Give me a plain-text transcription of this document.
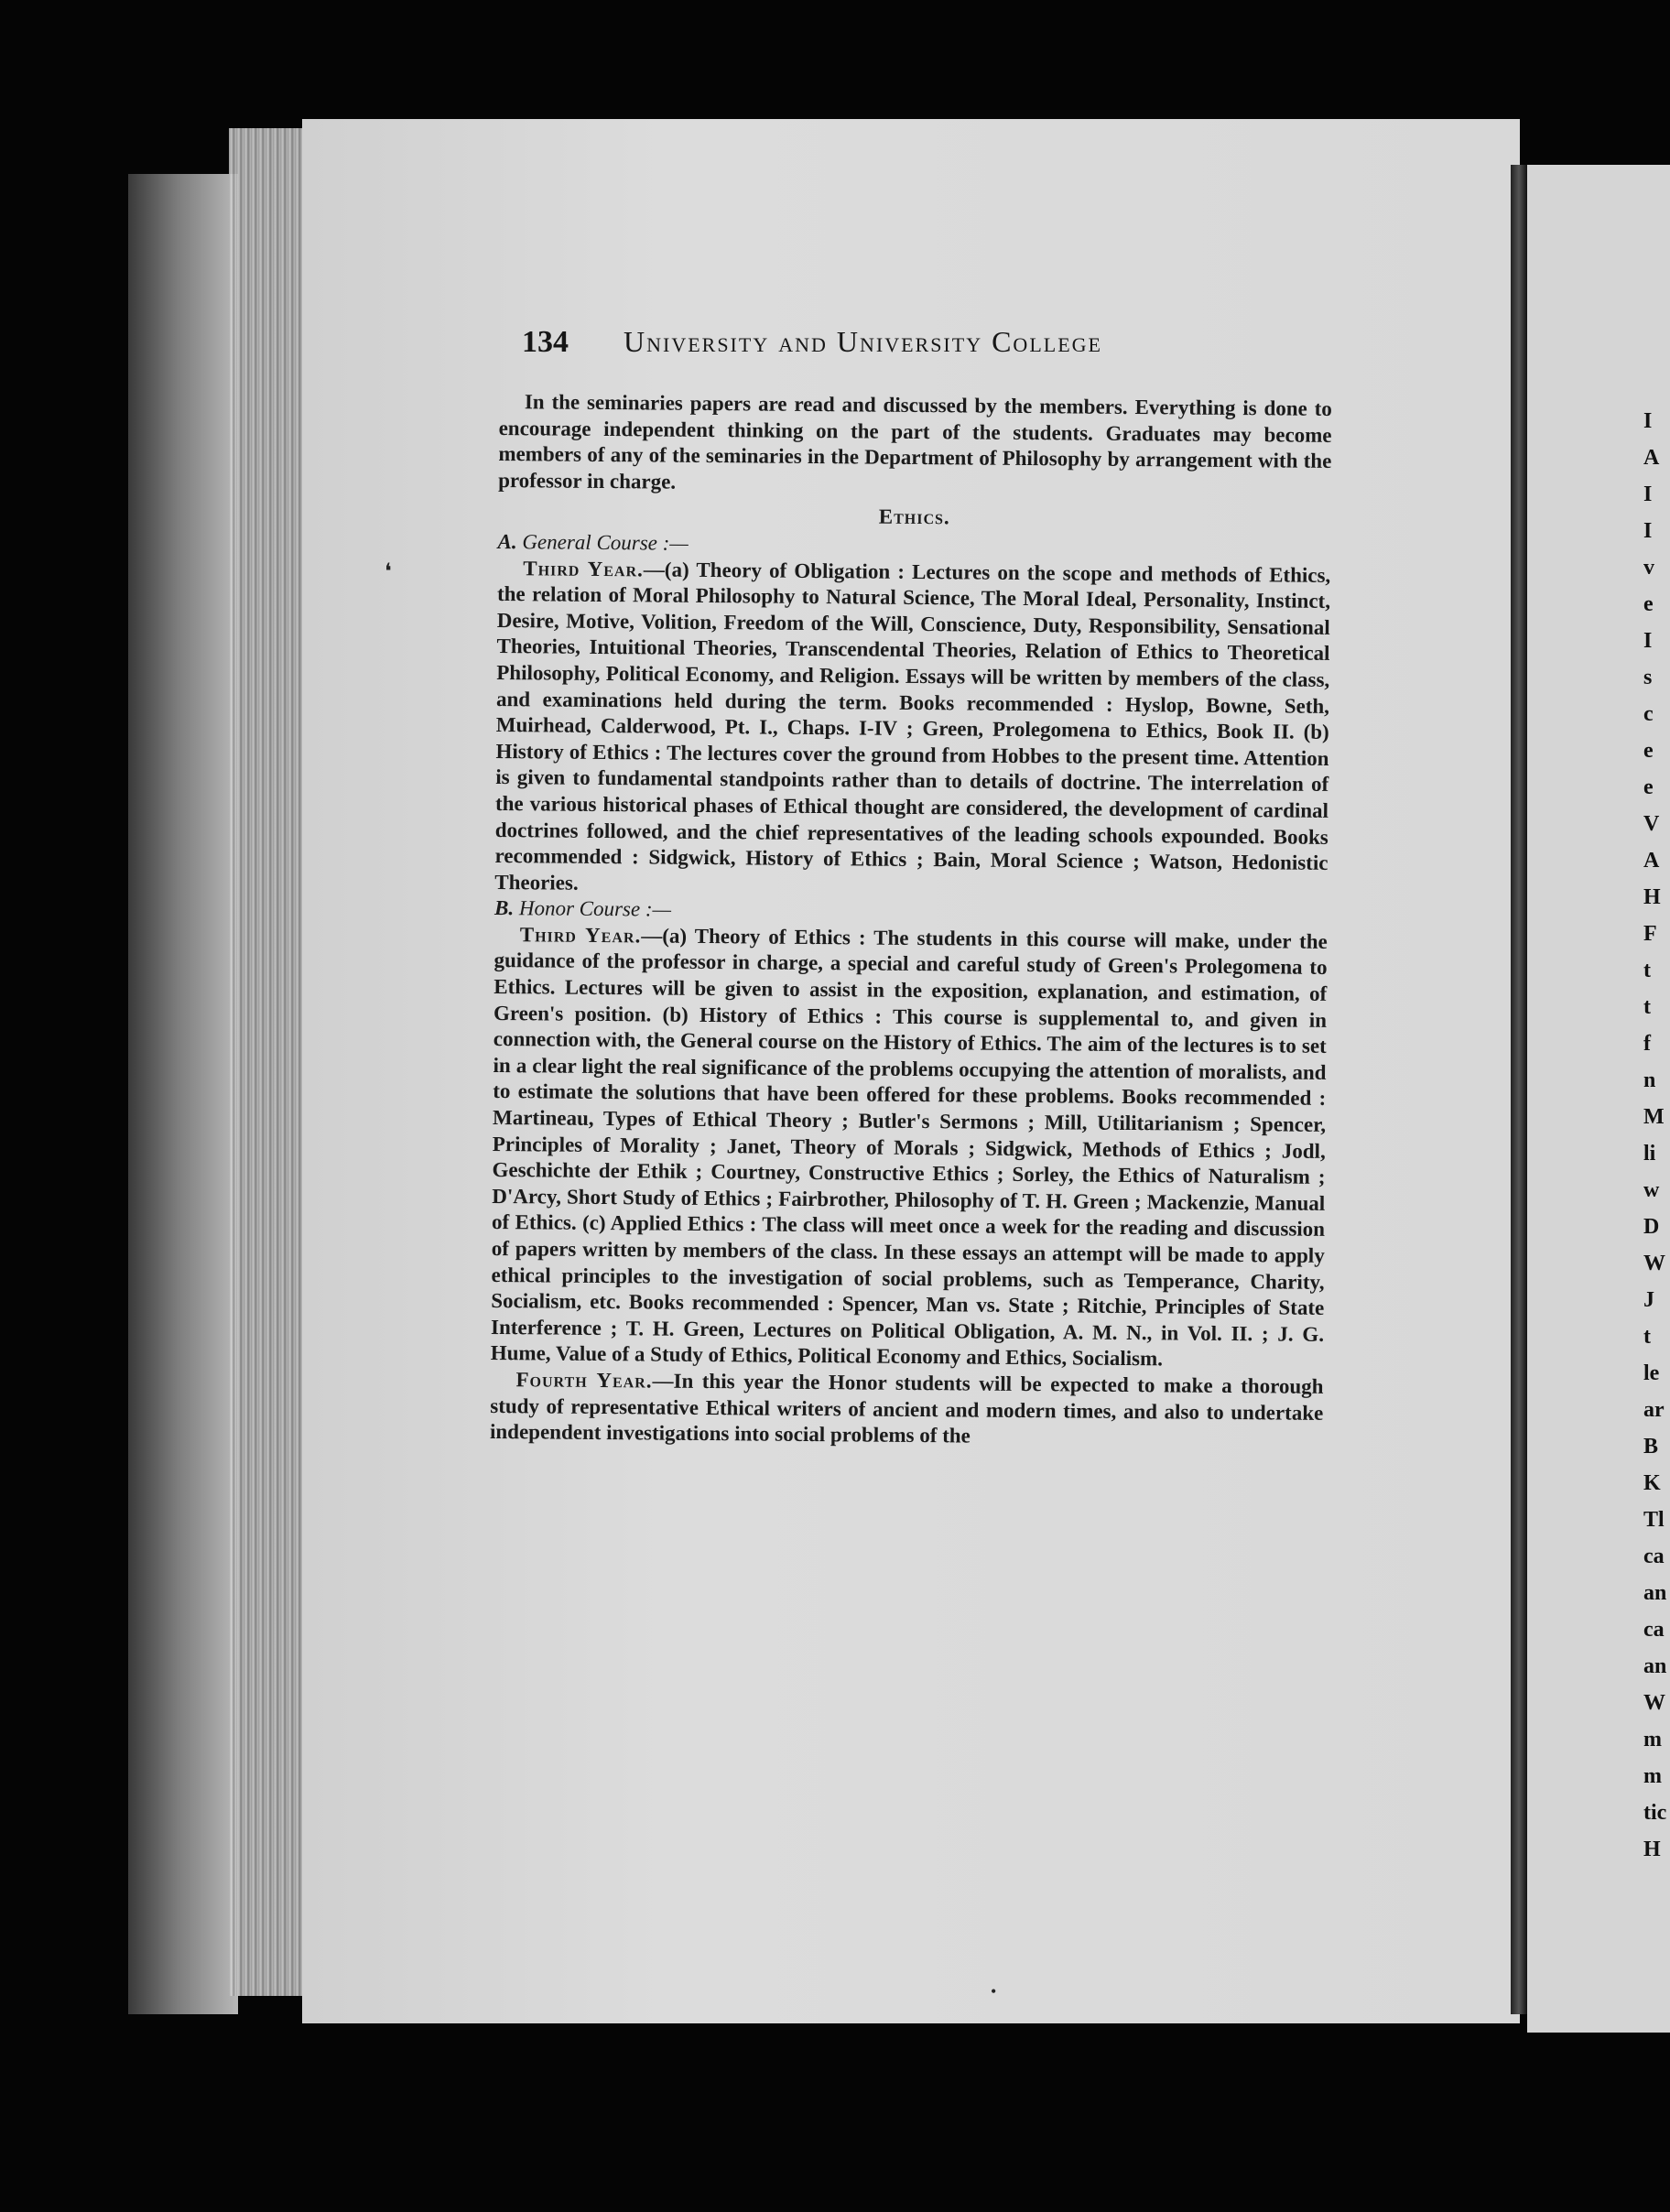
134 University and University College

In the seminaries papers are read and discussed by the members. Everything is done to encourage independent thinking on the part of the students. Graduates may become members of any of the seminaries in the Department of Philosophy by arrangement with the professor in charge.

Ethics.

A. General Course :—

Third Year.—(a) Theory of Obligation : Lectures on the scope and methods of Ethics, the relation of Moral Philosophy to Natural Science, The Moral Ideal, Personality, Instinct, Desire, Motive, Volition, Freedom of the Will, Conscience, Duty, Responsibility, Sensational Theories, Intuitional Theories, Transcendental Theories, Relation of Ethics to Theoretical Philosophy, Political Economy, and Religion. Essays will be written by members of the class, and examinations held during the term. Books recommended : Hyslop, Bowne, Seth, Muirhead, Calderwood, Pt. I., Chaps. I-IV ; Green, Prolegomena to Ethics, Book II. (b) History of Ethics : The lectures cover the ground from Hobbes to the present time. Attention is given to fundamental standpoints rather than to details of doctrine. The interrelation of the various historical phases of Ethical thought are considered, the development of cardinal doctrines followed, and the chief representatives of the leading schools expounded. Books recommended : Sidgwick, History of Ethics ; Bain, Moral Science ; Watson, Hedonistic Theories.

B. Honor Course :—

Third Year.—(a) Theory of Ethics : The students in this course will make, under the guidance of the professor in charge, a special and careful study of Green's Prolegomena to Ethics. Lectures will be given to assist in the exposition, explanation, and estimation, of Green's position. (b) History of Ethics : This course is supplemental to, and given in connection with, the General course on the History of Ethics. The aim of the lectures is to set in a clear light the real significance of the problems occupying the attention of moralists, and to estimate the solutions that have been offered for these problems. Books recommended : Martineau, Types of Ethical Theory ; Butler's Sermons ; Mill, Utilitarianism ; Spencer, Principles of Morality ; Janet, Theory of Morals ; Sidgwick, Methods of Ethics ; Jodl, Geschichte der Ethik ; Courtney, Constructive Ethics ; Sorley, the Ethics of Naturalism ; D'Arcy, Short Study of Ethics ; Fairbrother, Philosophy of T. H. Green ; Mackenzie, Manual of Ethics. (c) Applied Ethics : The class will meet once a week for the reading and discussion of papers written by members of the class. In these essays an attempt will be made to apply ethical principles to the investigation of social problems, such as Temperance, Charity, Socialism, etc. Books recommended : Spencer, Man vs. State ; Ritchie, Principles of State Interference ; T. H. Green, Lectures on Political Obligation, A. M. N., in Vol. II. ; J. G. Hume, Value of a Study of Ethics, Political Economy and Ethics, Socialism.

Fourth Year.—In this year the Honor students will be expected to make a thorough study of representative Ethical writers of ancient and modern times, and also to undertake independent investigations into social problems of the

I
A
I
I
v
e
I
s
c
e
e
V
A
H
F
t
t
f
n
M
li
w
D
W
J
t
le
ar
B
K
Tl
ca
an
ca
an
W
m
m
tic
H
❛
•
